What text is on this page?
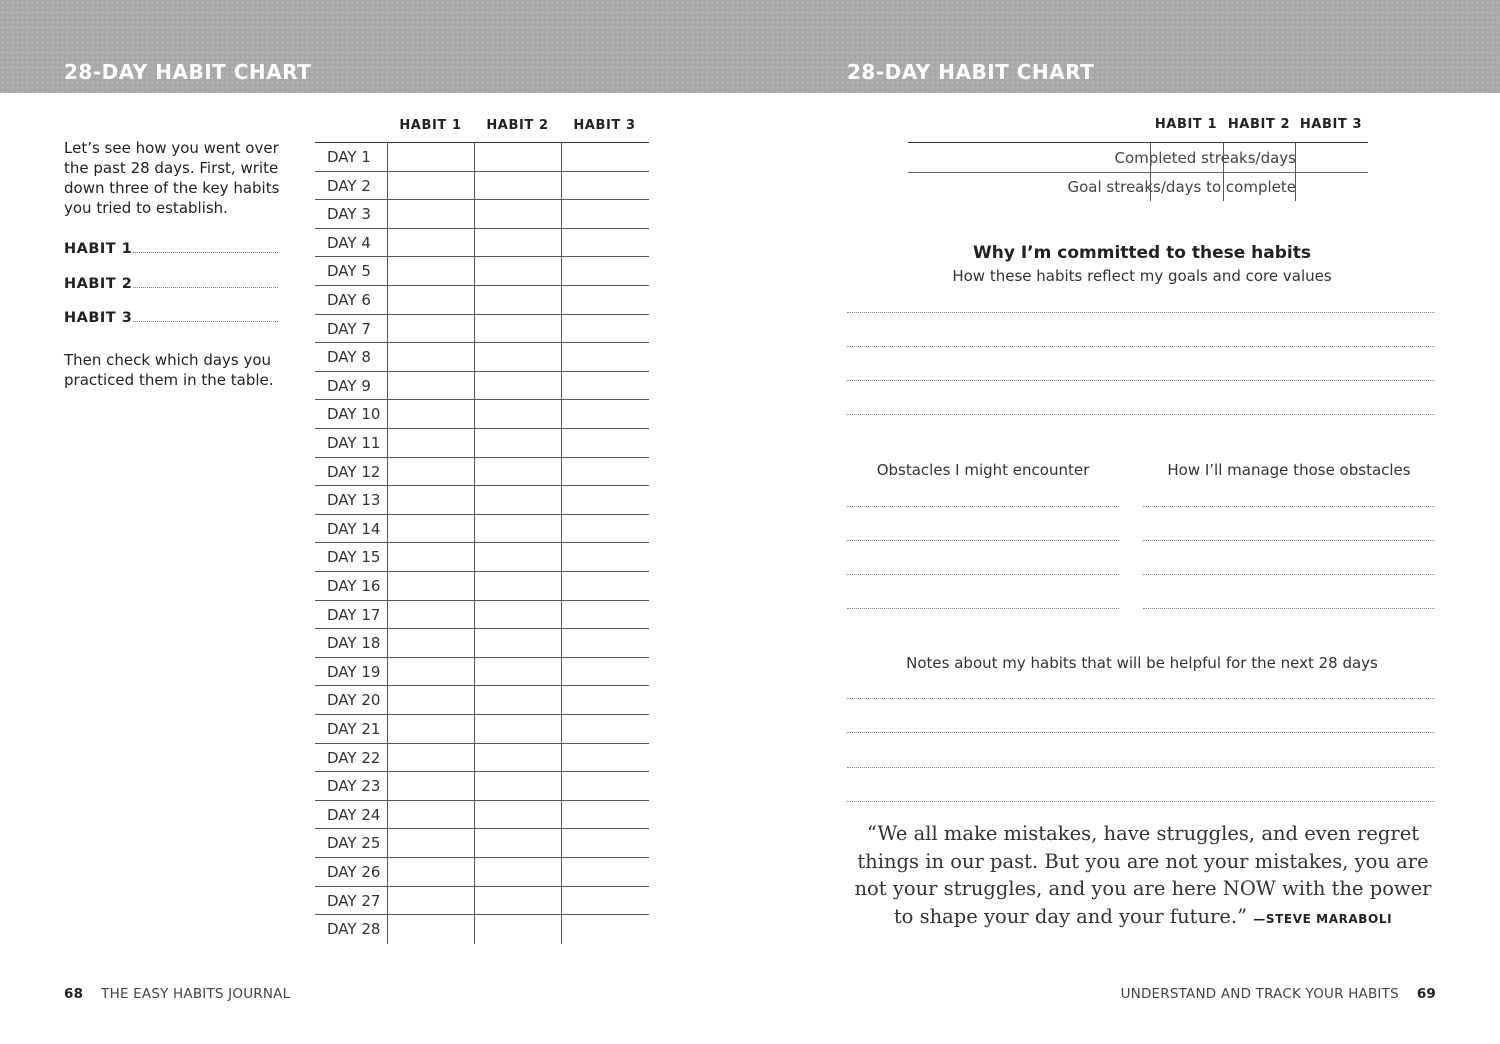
28-DAY HABIT CHART
Let’s see how you went over the past 28 days. First, write down three of the key habits you tried to establish.
HABIT 1
HABIT 2
HABIT 3
Then check which days you practiced them in the table.
HABIT 1	HABIT 2	HABIT 3
DAY 1
DAY 2
DAY 3
DAY 4
DAY 5
DAY 6
DAY 7
DAY 8
DAY 9
DAY 10
DAY 11
DAY 12
DAY 13
DAY 14
DAY 15
DAY 16
DAY 17
DAY 18
DAY 19
DAY 20
DAY 21
DAY 22
DAY 23
DAY 24
DAY 25
DAY 26
DAY 27
DAY 28
68 THE EASY HABITS JOURNAL
28-DAY HABIT CHART
HABIT 1 HABIT 2 HABIT 3
Completed streaks/days
Goal streaks/days to complete
Why I’m committed to these habits
How these habits reflect my goals and core values
Obstacles I might encounter	How I’ll manage those obstacles
Notes about my habits that will be helpful for the next 28 days
“We all make mistakes, have struggles, and even regret things in our past. But you are not your mistakes, you are not your struggles, and you are here NOW with the power to shape your day and your future.” —STEVE MARABOLI
UNDERSTAND AND TRACK YOUR HABITS 69
